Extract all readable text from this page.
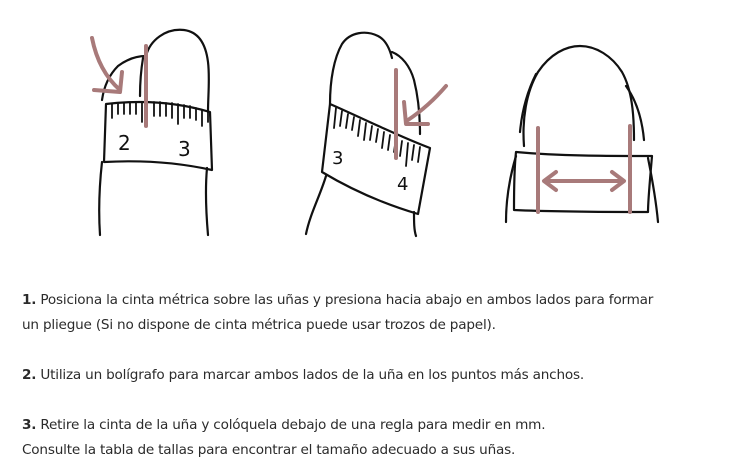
2 3	3
4

1. Posiciona la cinta métrica sobre las uñas y presiona hacia abajo en ambos lados para formar
un pliegue (Si no dispone de cinta métrica puede usar trozos de papel).

2. Utiliza un bolígrafo para marcar ambos lados de la uña en los puntos más anchos.

3. Retire la cinta de la uña y colóquela debajo de una regla para medir en mm.
Consulte la tabla de tallas para encontrar el tamaño adecuado a sus uñas.
